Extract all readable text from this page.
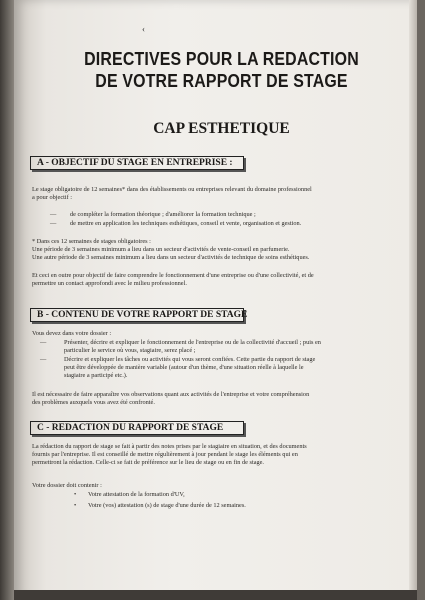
‹
DIRECTIVES POUR LA REDACTION
DE VOTRE RAPPORT DE STAGE
CAP ESTHETIQUE
A - OBJECTIF DU STAGE EN ENTREPRISE :
Le stage obligatoire de 12 semaines* dans des établissements ou entreprises relevant du domaine professionnel
a pour objectif :
— de compléter la formation théorique ; d'améliorer la formation technique ;
— de mettre en application les techniques esthétiques, conseil et vente, organisation et gestion.
* Dans ces 12 semaines de stages obligatoires :
Une période de 3 semaines minimum a lieu dans un secteur d'activités de vente-conseil en parfumerie.
Une autre période de 3 semaines minimum a lieu dans un secteur d'activités de technique de soins esthétiques.
Et ceci en outre pour objectif de faire comprendre le fonctionnement d'une entreprise ou d'une collectivité, et de
permettre un contact approfondi avec le milieu professionnel.
B - CONTENU DE VOTRE RAPPORT DE STAGE
Vous devez dans votre dossier :
—	Présenter, décrire et expliquer le fonctionnement de l'entreprise ou de la collectivité d'accueil ; puis en
particulier le service où vous, stagiaire, serez placé ;
—	Décrire et expliquer les tâches ou activités qui vous seront confiées. Cette partie du rapport de stage
peut être développée de manière variable (autour d'un thème, d'une situation réelle à laquelle le
stagiaire a participé etc.).
Il est nécessaire de faire apparaître vos observations quant aux activités de l'entreprise et votre compréhension
des problèmes auxquels vous avez été confronté.
C - REDACTION DU RAPPORT DE STAGE
La rédaction du rapport de stage se fait à partir des notes prises par le stagiaire en situation, et des documents
fournis par l'entreprise. Il est conseillé de mettre régulièrement à jour pendant le stage les éléments qui en
permettront la rédaction. Celle-ci se fait de préférence sur le lieu de stage ou en fin de stage.
Votre dossier doit contenir :
• Votre attestation de la formation d'UV,
• Votre (vos) attestation (s) de stage d'une durée de 12 semaines.
